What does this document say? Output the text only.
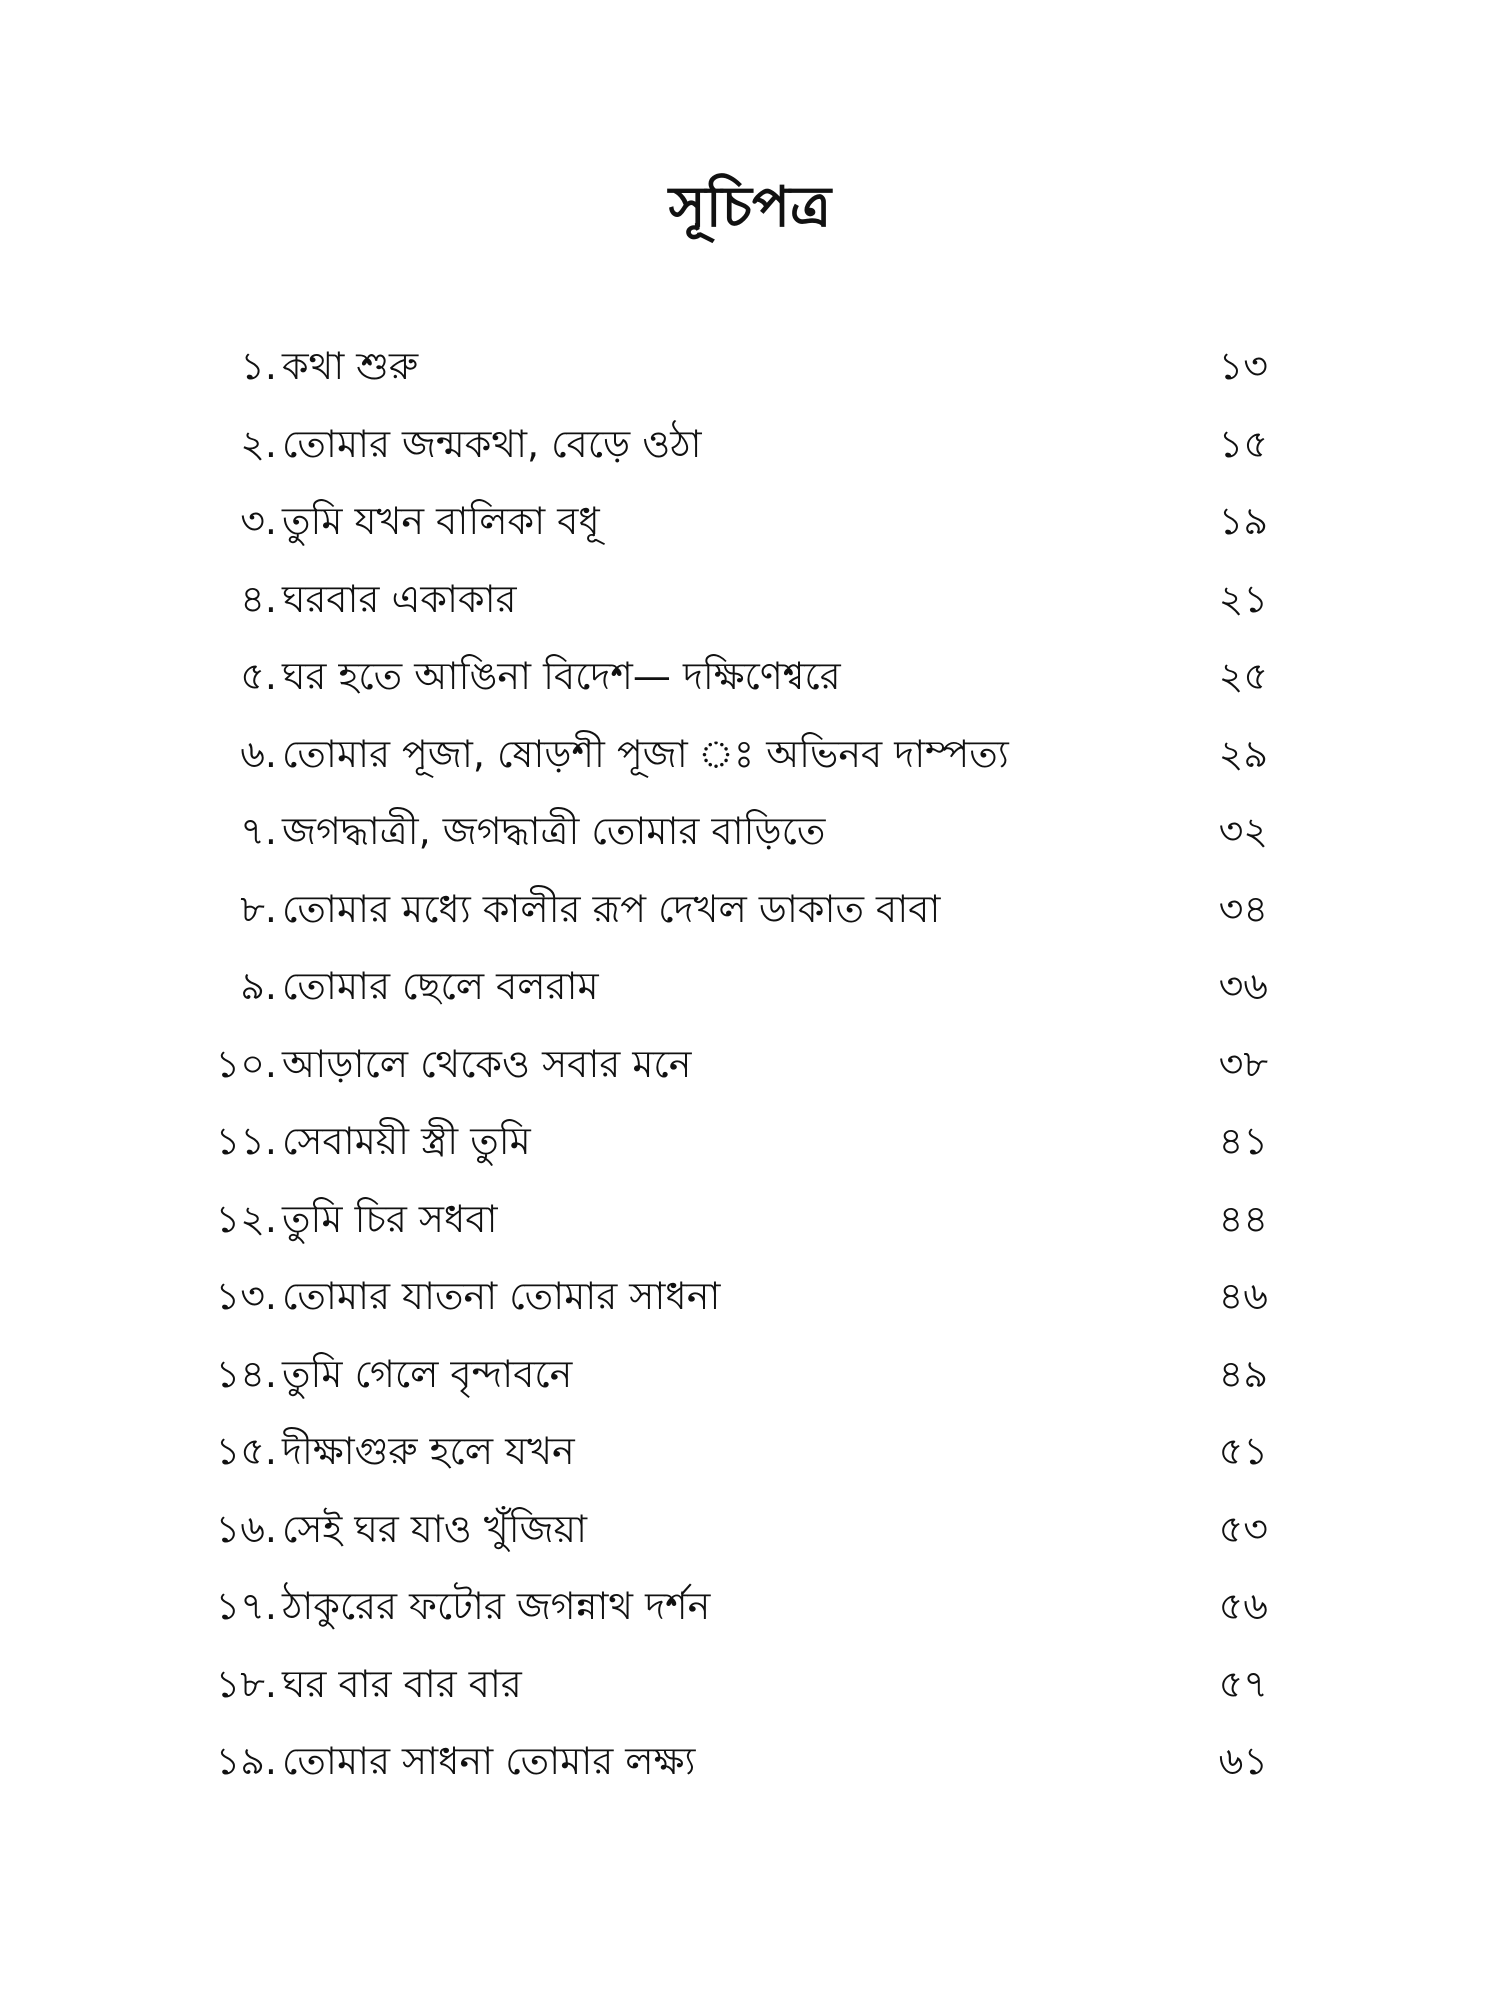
সূচিপত্র
১. কথা শুরু	১৩
২. তোমার জন্মকথা, বেড়ে ওঠা	১৫
৩. তুমি যখন বালিকা বধূ	১৯
৪. ঘরবার একাকার	২১
৫. ঘর হতে আঙিনা বিদেশ— দক্ষিণেশ্বরে	২৫
৬. তোমার পূজা, ষোড়শী পূজা ঃ অভিনব দাম্পত্য	২৯
৭. জগদ্ধাত্রী, জগদ্ধাত্রী তোমার বাড়িতে	৩২
৮. তোমার মধ্যে কালীর রূপ দেখল ডাকাত বাবা	৩৪
৯. তোমার ছেলে বলরাম	৩৬
১০. আড়ালে থেকেও সবার মনে	৩৮
১১. সেবাময়ী স্ত্রী তুমি	৪১
১২. তুমি চির সধবা	৪৪
১৩. তোমার যাতনা তোমার সাধনা	৪৬
১৪. তুমি গেলে বৃন্দাবনে	৪৯
১৫. দীক্ষাগুরু হলে যখন	৫১
১৬. সেই ঘর যাও খুঁজিয়া	৫৩
১৭. ঠাকুরের ফটোর জগন্নাথ দর্শন	৫৬
১৮. ঘর বার বার বার	৫৭
১৯. তোমার সাধনা তোমার লক্ষ্য	৬১
